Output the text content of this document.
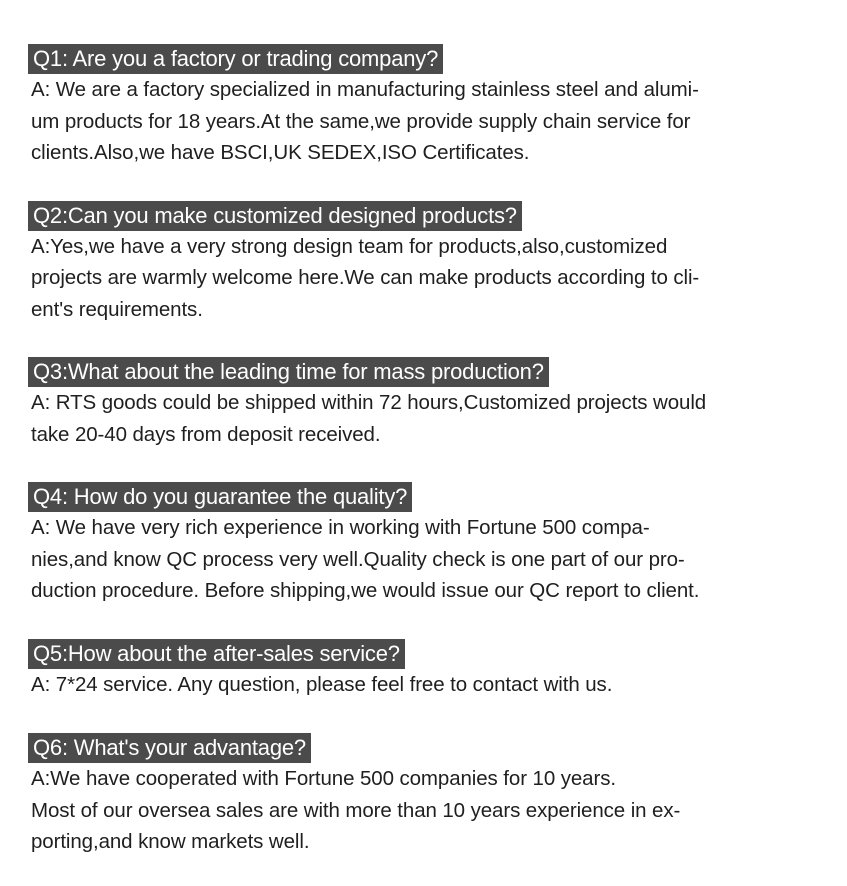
Q1: Are you a factory or trading company?
A: We are a factory specialized in manufacturing stainless steel and alumi-
um products for 18 years.At the same,we provide supply chain service for
clients.Also,we have BSCI,UK SEDEX,ISO Certificates.
Q2:Can you make customized designed products?
A:Yes,we have a very strong design team for products,also,customized
projects are warmly welcome here.We can make products according to cli-
ent's requirements.
Q3:What about the leading time for mass production?
A: RTS goods could be shipped within 72 hours,Customized projects would
take 20-40 days from deposit received.
Q4: How do you guarantee the quality?
A: We have very rich experience in working with Fortune 500 compa-
nies,and know QC process very well.Quality check is one part of our pro-
duction procedure. Before shipping,we would issue our QC report to client.
Q5:How about the after-sales service?
A: 7*24 service. Any question, please feel free to contact with us.
Q6: What's your advantage?
A:We have cooperated with Fortune 500 companies for 10 years.
Most of our oversea sales are with more than 10 years experience in ex-
porting,and know markets well.
